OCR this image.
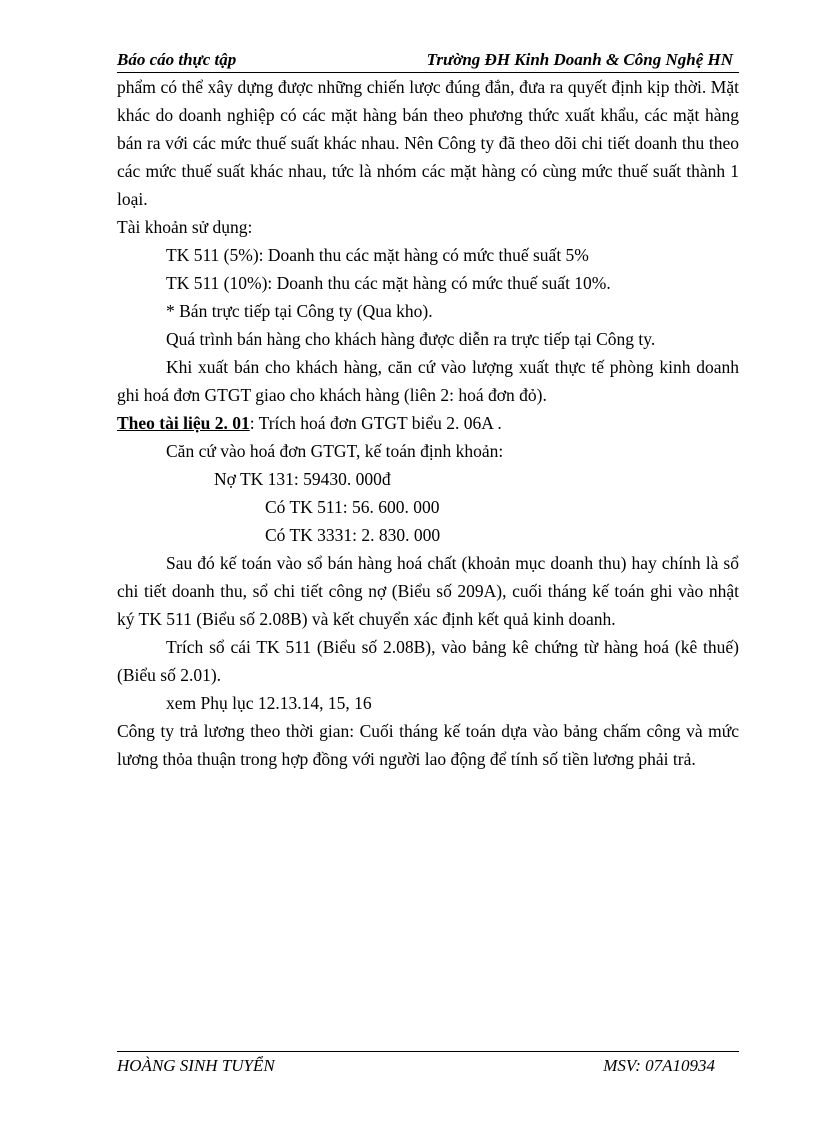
Báo cáo thực tập	Trường ĐH Kinh Doanh & Công Nghệ HN

phẩm có thể xây dựng được những chiến lược đúng đắn, đưa ra quyết định kịp thời. Mặt khác do doanh nghiệp có các mặt hàng bán theo phương thức xuất khẩu, các mặt hàng bán ra với các mức thuế suất khác nhau. Nên Công ty đã theo dõi chi tiết doanh thu theo các mức thuế suất khác nhau, tức là nhóm các mặt hàng có cùng mức thuế suất thành 1 loại.

Tài khoản sử dụng:

TK 511 (5%): Doanh thu các mặt hàng có mức thuế suất 5%

TK 511 (10%): Doanh thu các mặt hàng có mức thuế suất 10%.

* Bán trực tiếp tại Công ty (Qua kho).

Quá trình bán hàng cho khách hàng được diễn ra trực tiếp tại Công ty.

Khi xuất bán cho khách hàng, căn cứ vào lượng xuất thực tế phòng kinh doanh ghi hoá đơn GTGT giao cho khách hàng (liên 2: hoá đơn đỏ).

Theo tài liệu 2. 01: Trích hoá đơn GTGT biểu 2. 06A .

Căn cứ vào hoá đơn GTGT, kế toán định khoản:

Nợ TK 131: 59430. 000đ

Có TK 511: 56. 600. 000

Có TK 3331: 2. 830. 000

Sau đó kế toán vào sổ bán hàng hoá chất (khoản mục doanh thu) hay chính là sổ chi tiết doanh thu, sổ chi tiết công nợ (Biểu số 209A), cuối tháng kế toán ghi vào nhật ký TK 511 (Biểu số 2.08B) và kết chuyển xác định kết quả kinh doanh.

Trích sổ cái TK 511 (Biểu số 2.08B), vào bảng kê chứng từ hàng hoá (kê thuế) (Biểu số 2.01).

xem Phụ lục 12.13.14, 15, 16

Công ty trả lương theo thời gian: Cuối tháng kế toán dựa vào bảng chấm công và mức lương thỏa thuận trong hợp đồng với người lao động để tính số tiền lương phải trả.

HOÀNG SINH TUYỂN	MSV: 07A10934
